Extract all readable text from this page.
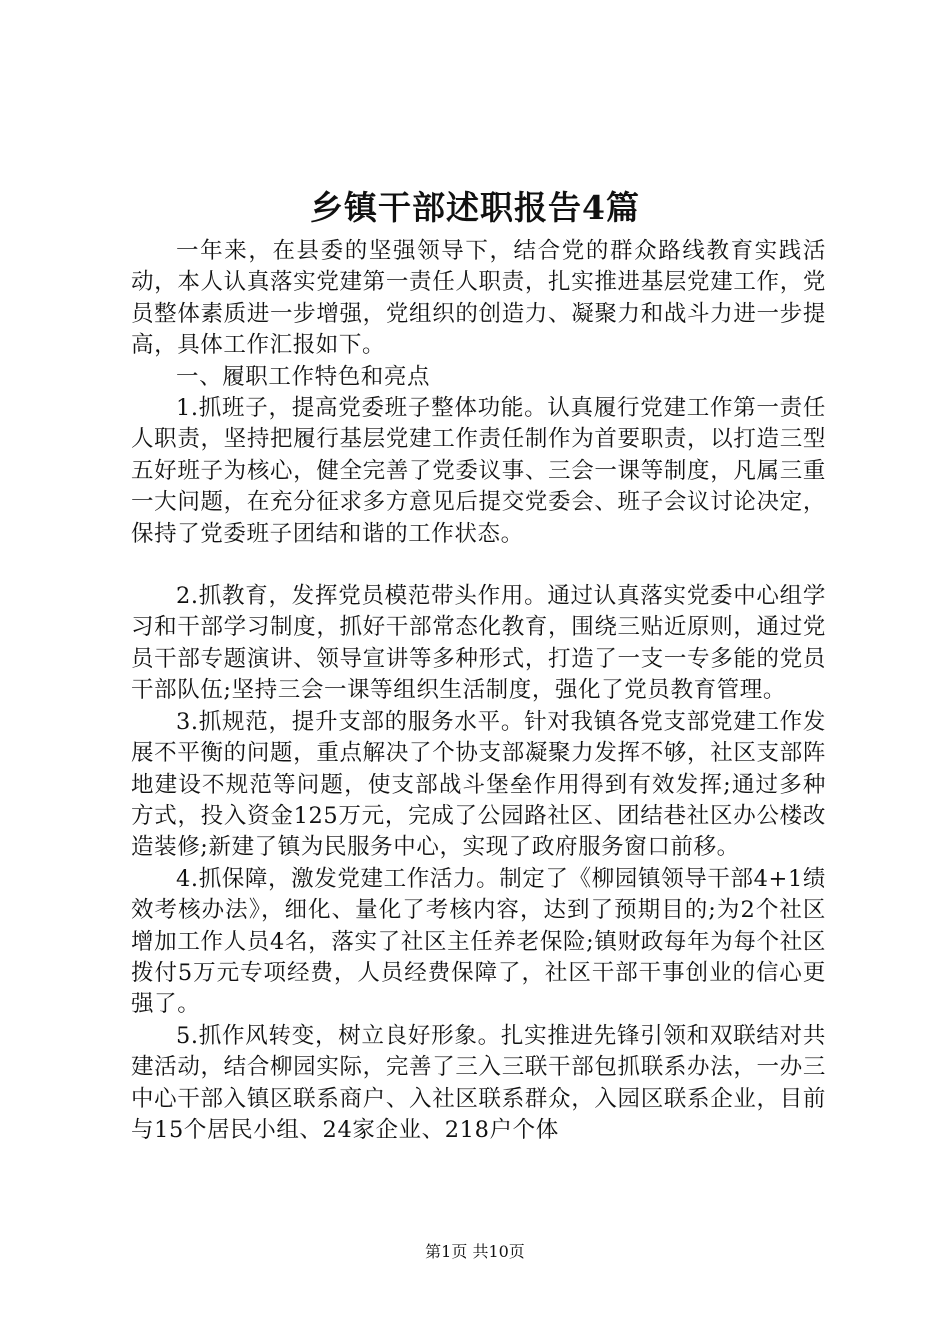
乡镇干部述职报告4篇

一年来，在县委的坚强领导下，结合党的群众路线教育实践活动，本人认真落实党建第一责任人职责，扎实推进基层党建工作，党员整体素质进一步增强，党组织的创造力、凝聚力和战斗力进一步提高，具体工作汇报如下。

一、履职工作特色和亮点

1.抓班子，提高党委班子整体功能。认真履行党建工作第一责任人职责，坚持把履行基层党建工作责任制作为首要职责，以打造三型五好班子为核心，健全完善了党委议事、三会一课等制度，凡属三重一大问题，在充分征求多方意见后提交党委会、班子会议讨论决定，保持了党委班子团结和谐的工作状态。

2.抓教育，发挥党员模范带头作用。通过认真落实党委中心组学习和干部学习制度，抓好干部常态化教育，围绕三贴近原则，通过党员干部专题演讲、领导宣讲等多种形式，打造了一支一专多能的党员干部队伍;坚持三会一课等组织生活制度，强化了党员教育管理。

3.抓规范，提升支部的服务水平。针对我镇各党支部党建工作发展不平衡的问题，重点解决了个协支部凝聚力发挥不够，社区支部阵地建设不规范等问题，使支部战斗堡垒作用得到有效发挥;通过多种方式，投入资金125万元，完成了公园路社区、团结巷社区办公楼改造装修;新建了镇为民服务中心，实现了政府服务窗口前移。

4.抓保障，激发党建工作活力。制定了《柳园镇领导干部4+1绩效考核办法》，细化、量化了考核内容，达到了预期目的;为2个社区增加工作人员4名，落实了社区主任养老保险;镇财政每年为每个社区拨付5万元专项经费，人员经费保障了，社区干部干事创业的信心更强了。

5.抓作风转变，树立良好形象。扎实推进先锋引领和双联结对共建活动，结合柳园实际，完善了三入三联干部包抓联系办法，一办三中心干部入镇区联系商户、入社区联系群众，入园区联系企业，目前与15个居民小组、24家企业、218户个体

第1页 共10页
